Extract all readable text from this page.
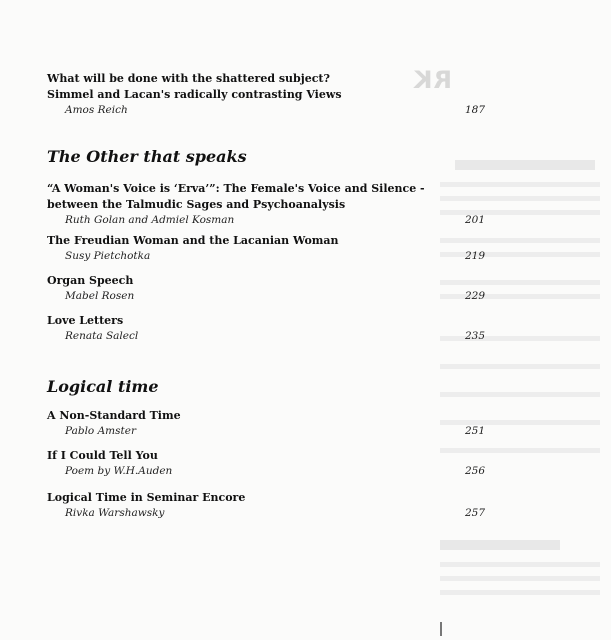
RK
What will be done with the shattered subject?
Simmel and Lacan's radically contrasting Views
Amos Reich	187
The Other that speaks
“A Woman's Voice is ‘Erva’”: The Female's Voice and Silence -
between the Talmudic Sages and Psychoanalysis
Ruth Golan and Admiel Kosman	201
The Freudian Woman and the Lacanian Woman
Susy Pietchotka	219
Organ Speech
Mabel Rosen	229
Love Letters
Renata Salecl	235
Logical time
A Non-Standard Time
Pablo Amster	251
If I Could Tell You
Poem by W.H.Auden	256
Logical Time in Seminar Encore
Rivka Warshawsky	257
